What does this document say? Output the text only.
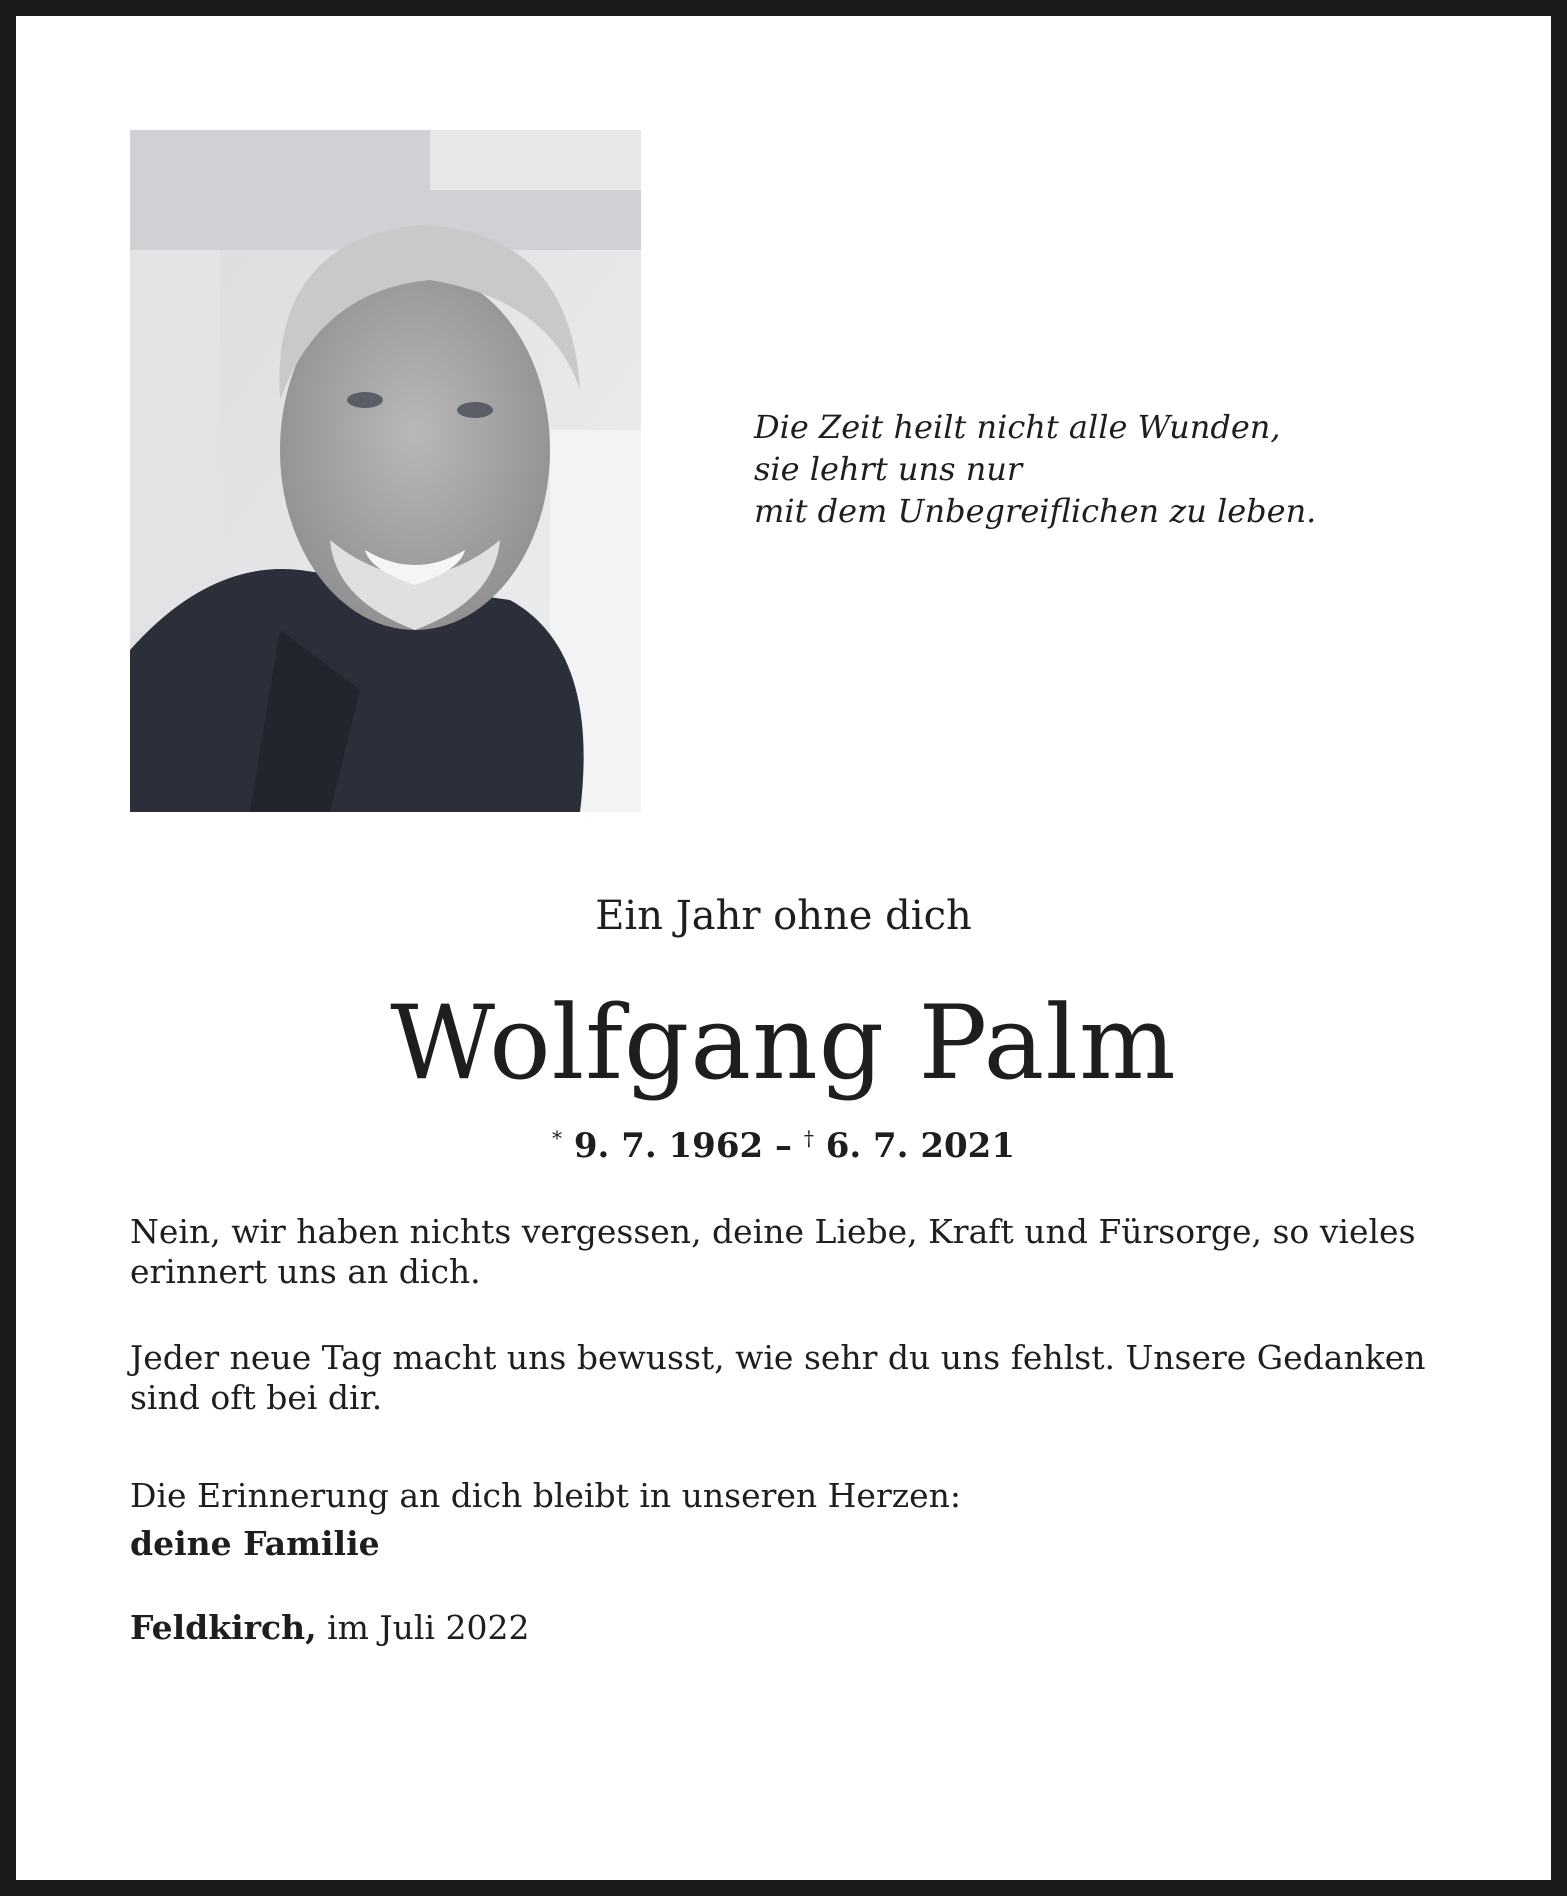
Die Zeit heilt nicht alle Wunden,
sie lehrt uns nur
mit dem Unbegreiflichen zu leben.

Ein Jahr ohne dich

Wolfgang Palm

* 9. 7. 1962 – † 6. 7. 2021

Nein, wir haben nichts vergessen, deine Liebe, Kraft und Fürsorge, so vieles erinnert uns an dich.

Jeder neue Tag macht uns bewusst, wie sehr du uns fehlst. Unsere Gedanken sind oft bei dir.

Die Erinnerung an dich bleibt in unseren Herzen:

deine Familie

Feldkirch, im Juli 2022
